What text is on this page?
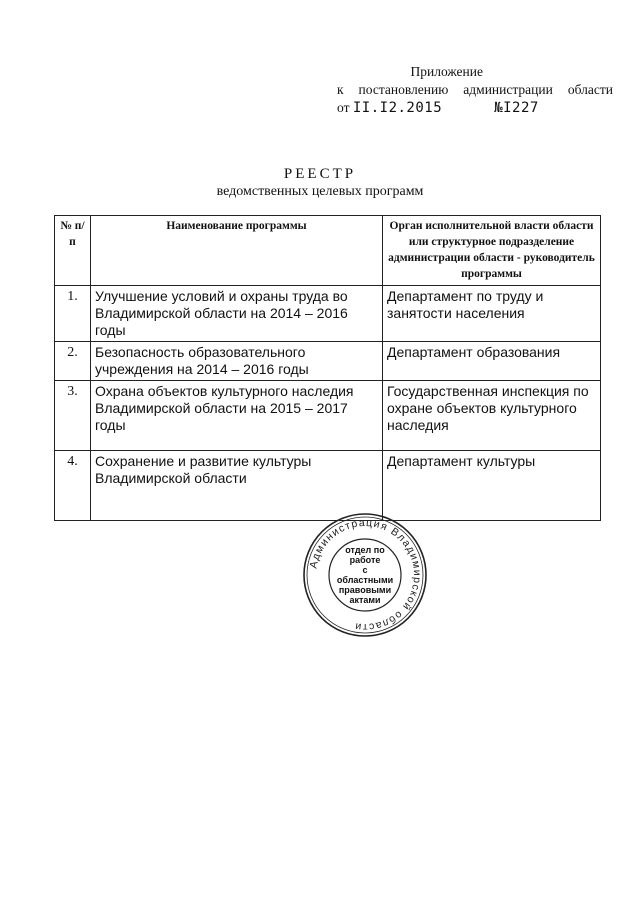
Приложение
к постановлению администрации области
от
II.I2.2015	№I227
РЕЕСТР
ведомственных целевых программ
№ п/п	Наименование программы	Орган исполнительной власти области или структурное подразделение администрации области - руководитель программы
1.	Улучшение условий и охраны труда во Владимирской области на 2014 – 2016 годы	Департамент по труду и занятости населения
2.	Безопасность образовательного учреждения на 2014 – 2016 годы	Департамент образования
3.	Охрана объектов культурного наследия Владимирской области на 2015 – 2017 годы	Государственная инспекция по охране объектов культурного наследия
4.	Сохранение и развитие культуры Владимирской области	Департамент культуры
Администрация Владимирской области
отдел по работе
с областными
правовыми
актами
